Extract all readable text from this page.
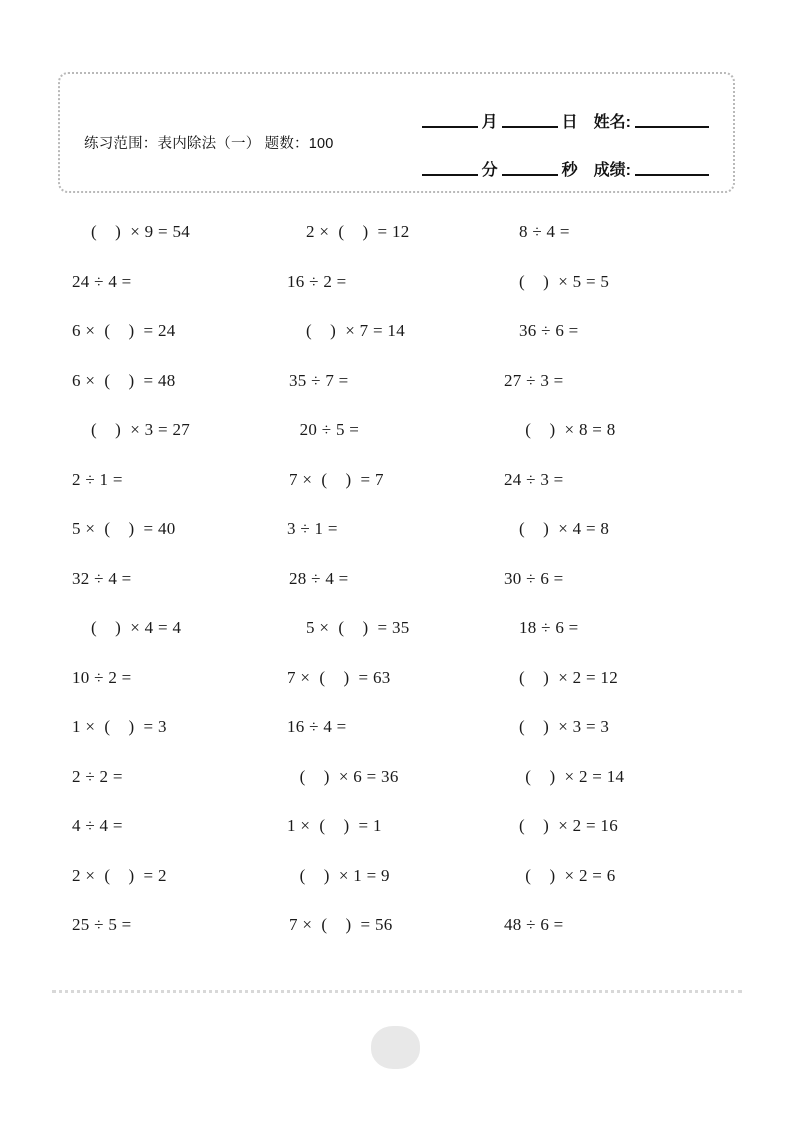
练习范围：表内除法（一） 题数：100
月	日 姓名:
分	秒 成绩:
(    )  × 9 = 54	2 ×  (    )  = 12	8 ÷ 4 =
24 ÷ 4 =	16 ÷ 2 =	(    )  × 5 = 5
6 ×  (    )  = 24	(    )  × 7 = 14	36 ÷ 6 =
6 ×  (    )  = 48	35 ÷ 7 =	27 ÷ 3 =
(    )  × 3 = 27	20 ÷ 5 =	(    )  × 8 = 8
2 ÷ 1 =	7 ×  (    )  = 7	24 ÷ 3 =
5 ×  (    )  = 40	3 ÷ 1 =	(    )  × 4 = 8
32 ÷ 4 =	28 ÷ 4 =	30 ÷ 6 =
(    )  × 4 = 4	5 ×  (    )  = 35	18 ÷ 6 =
10 ÷ 2 =	7 ×  (    )  = 63	(    )  × 2 = 12
1 ×  (    )  = 3	16 ÷ 4 =	(    )  × 3 = 3
2 ÷ 2 =	(    )  × 6 = 36	(    )  × 2 = 14
4 ÷ 4 =	1 ×  (    )  = 1	(    )  × 2 = 16
2 ×  (    )  = 2	(    )  × 1 = 9	(    )  × 2 = 6
25 ÷ 5 =	7 ×  (    )  = 56	48 ÷ 6 =
